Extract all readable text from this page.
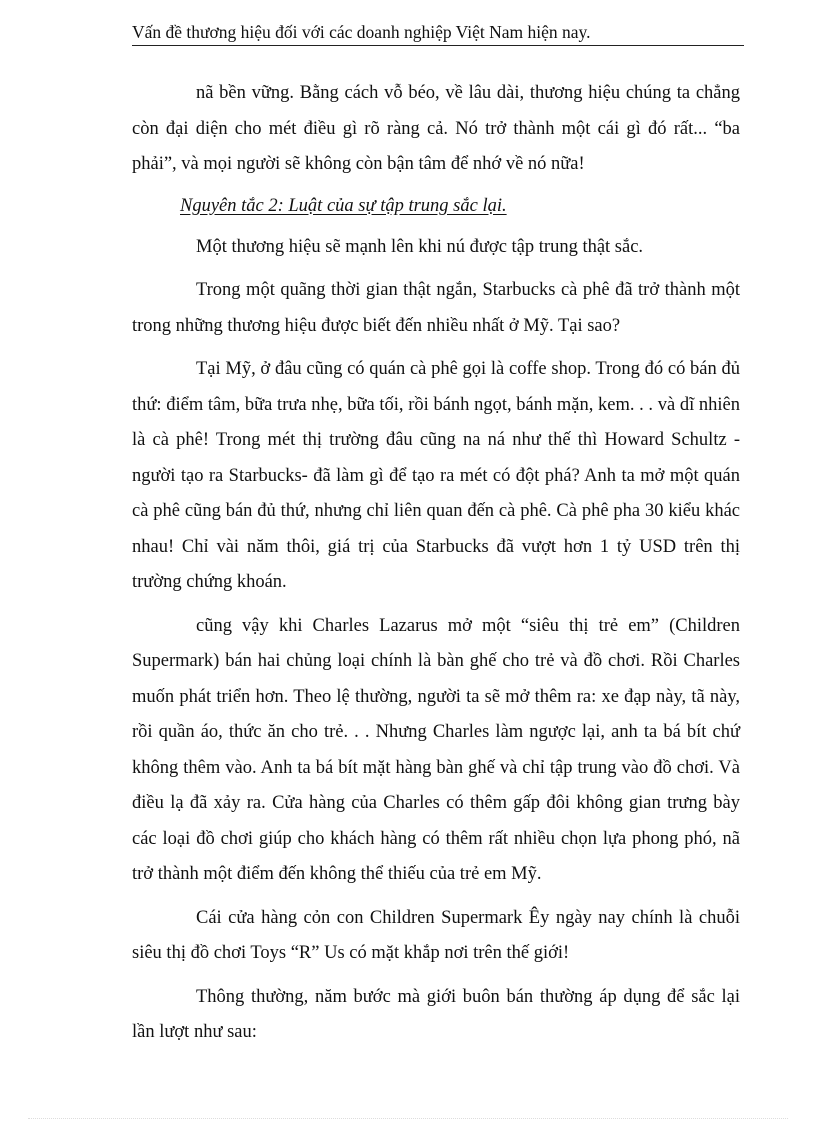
Vấn đề thương hiệu đối với các doanh nghiệp Việt Nam hiện nay.

nã bền vững. Bằng cách vỗ béo, về lâu dài, thương hiệu chúng ta chẳng còn đại diện cho mét điều gì rõ ràng cả. Nó trở thành một cái gì đó rất... “ba phải”, và mọi người sẽ không còn bận tâm để nhớ về nó nữa!

Nguyên tắc 2: Luật của sự tập trung sắc lại.

Một thương hiệu sẽ mạnh lên khi nú được tập trung thật sắc.

Trong một quãng thời gian thật ngắn, Starbucks cà phê đã trở thành một trong những thương hiệu được biết đến nhiều nhất ở Mỹ. Tại sao?

Tại Mỹ, ở đâu cũng có quán cà phê gọi là coffe shop. Trong đó có bán đủ thứ: điểm tâm, bữa trưa nhẹ, bữa tối, rồi bánh ngọt, bánh mặn, kem. . . và dĩ nhiên là cà phê! Trong mét thị trường đâu cũng na ná như thế thì Howard Schultz - người tạo ra Starbucks- đã làm gì để tạo ra mét có đột phá? Anh ta mở một quán cà phê cũng bán đủ thứ, nhưng chỉ liên quan đến cà phê. Cà phê pha 30 kiểu khác nhau! Chỉ vài năm thôi, giá trị của Starbucks đã vượt hơn 1 tỷ USD trên thị trường chứng khoán.

cũng vậy khi Charles Lazarus mở một “siêu thị trẻ em” (Children Supermark) bán hai chủng loại chính là bàn ghế cho trẻ và đồ chơi. Rồi Charles muốn phát triển hơn. Theo lệ thường, người ta sẽ mở thêm ra: xe đạp này, tã này, rồi quần áo, thức ăn cho trẻ. . . Nhưng Charles làm ngược lại, anh ta bá bít chứ không thêm vào. Anh ta bá bít mặt hàng bàn ghế và chỉ tập trung vào đồ chơi. Và điều lạ đã xảy ra. Cửa hàng của Charles có thêm gấp đôi không gian trưng bày các loại đồ chơi giúp cho khách hàng có thêm rất nhiều chọn lựa phong phó, nã trở thành một điểm đến không thể thiếu của trẻ em Mỹ.

Cái cửa hàng cỏn con Children Supermark Êy ngày nay chính là chuỗi siêu thị đồ chơi Toys “R” Us có mặt khắp nơi trên thế giới!

Thông thường, năm bước mà giới buôn bán thường áp dụng để sắc lại lần lượt như sau:
